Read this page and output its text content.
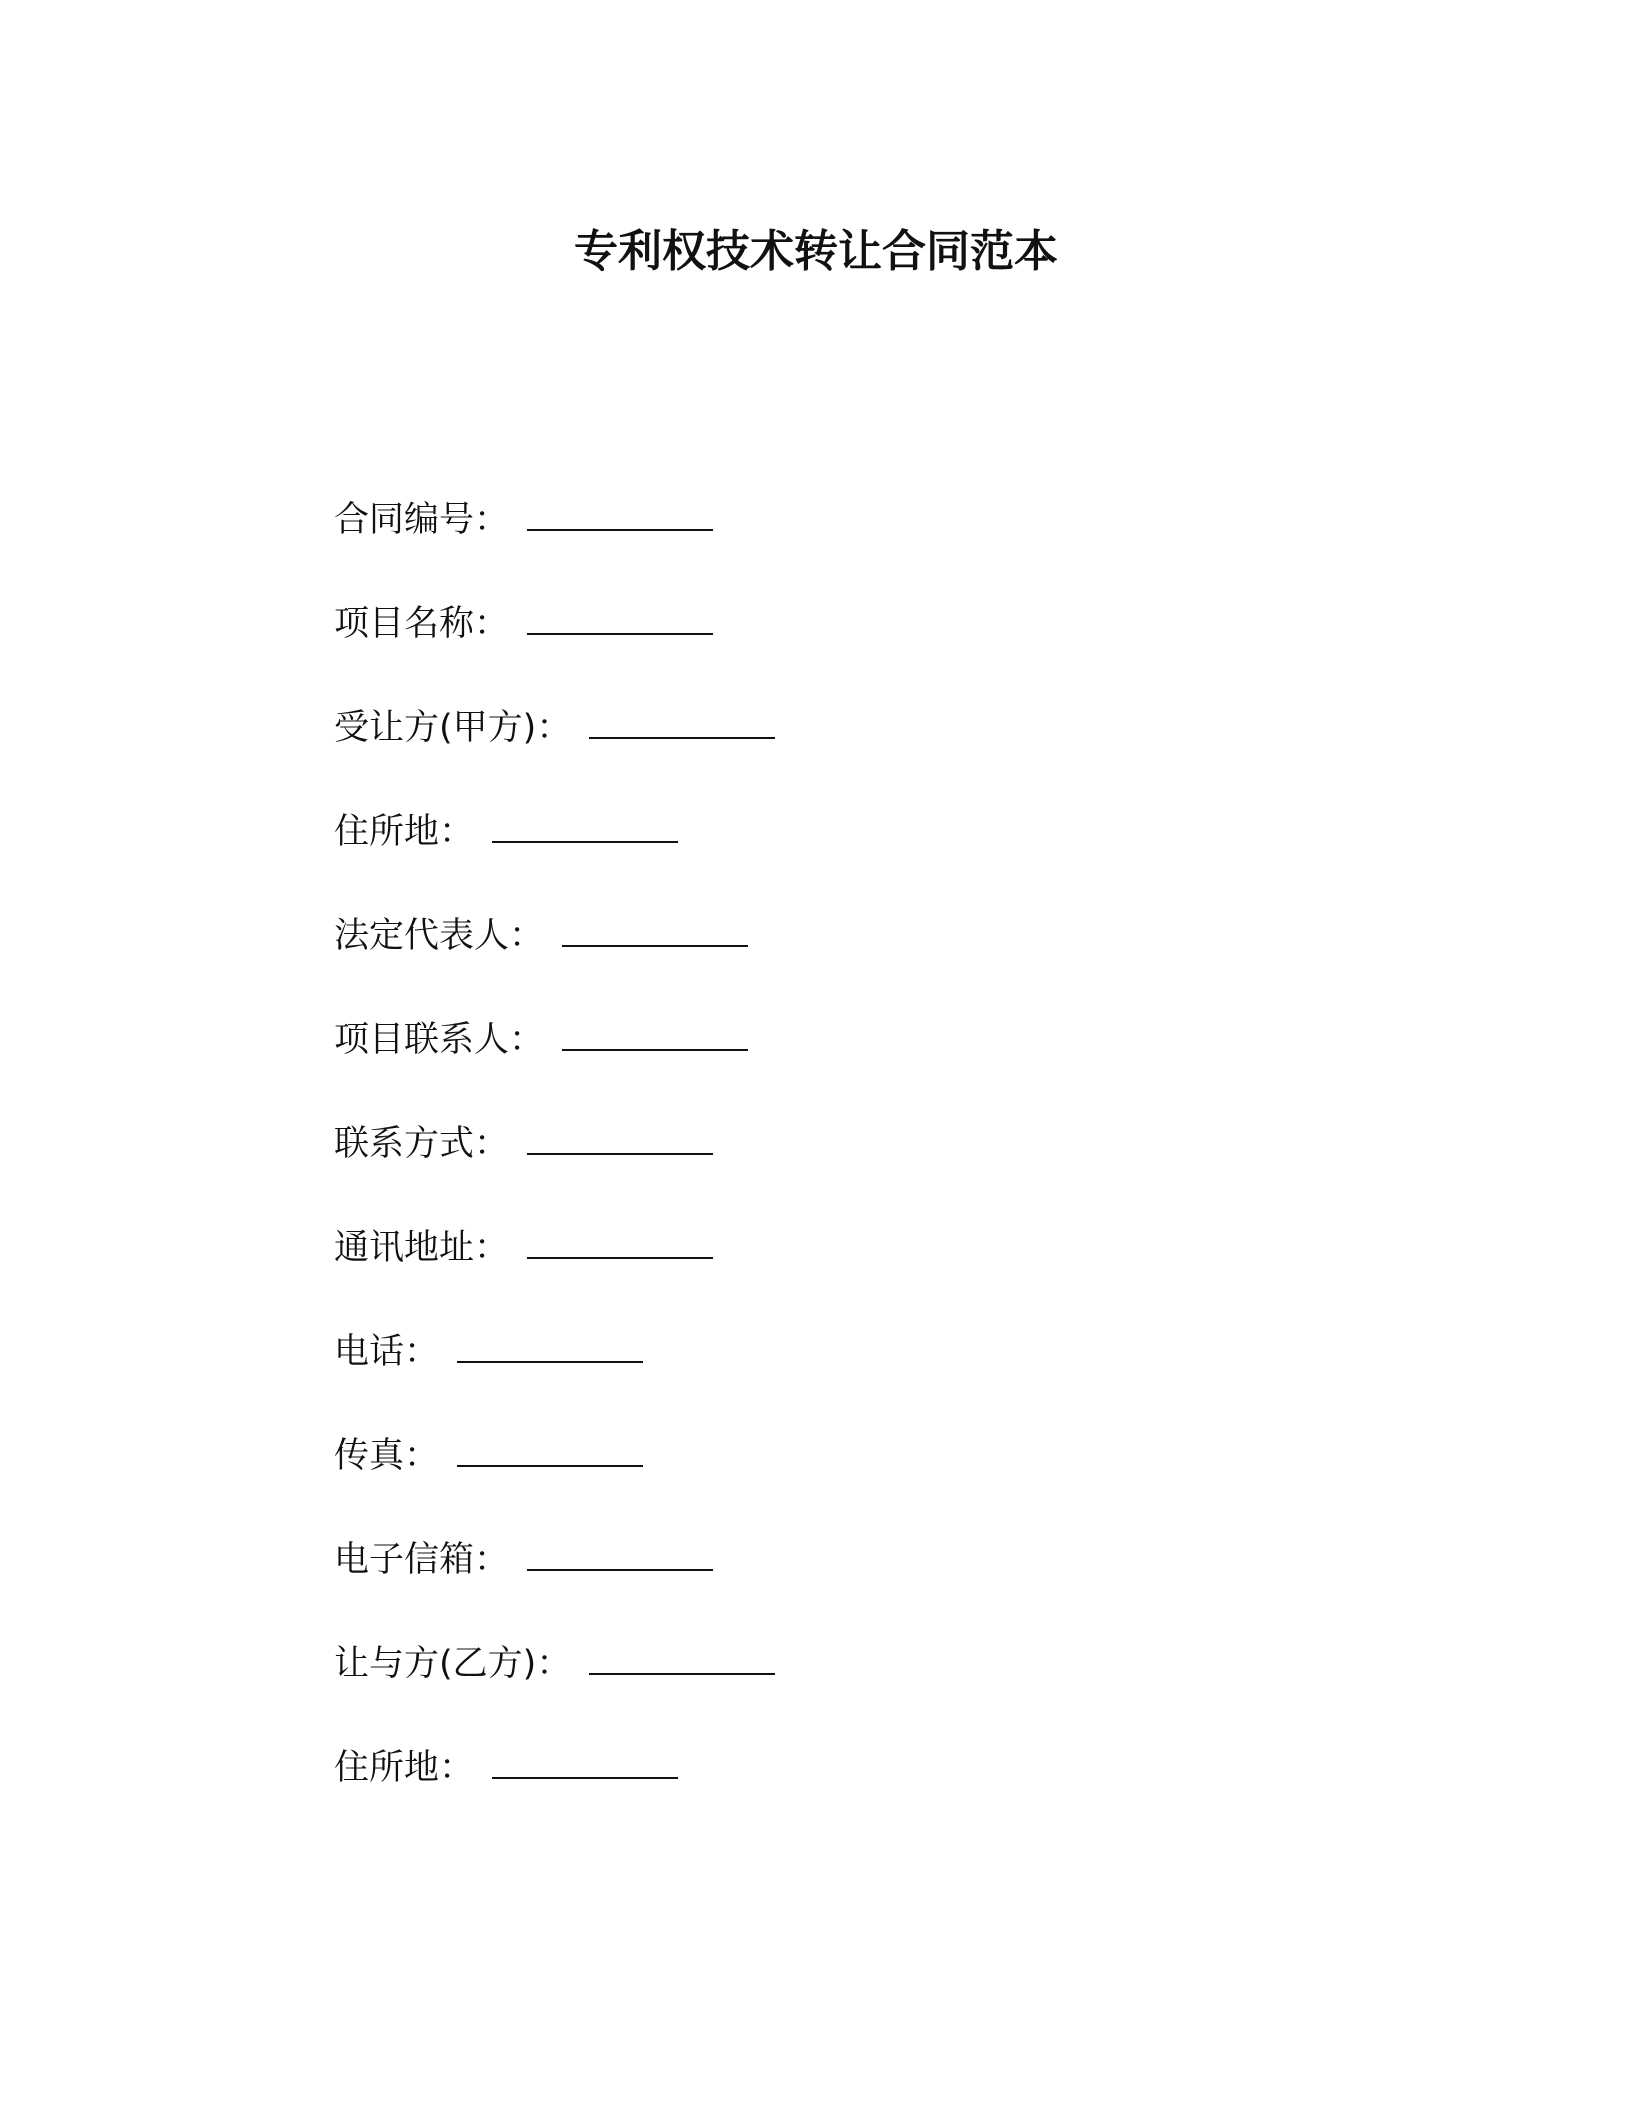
专利权技术转让合同范本
合同编号：
项目名称：
受让方(甲方)：
住所地：
法定代表人：
项目联系人：
联系方式：
通讯地址：
电话：
传真：
电子信箱：
让与方(乙方)：
住所地：
